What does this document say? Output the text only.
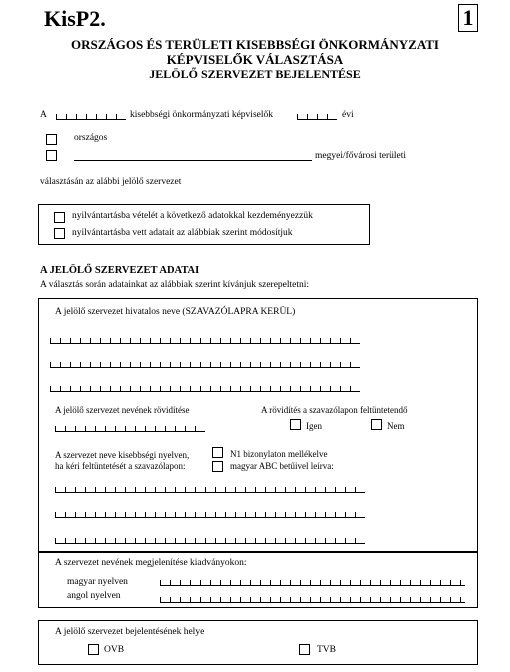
KisP2.	1
ORSZÁGOS ÉS TERÜLETI KISEBBSÉGI ÖNKORMÁNYZATI
KÉPVISELŐK VÁLASZTÁSA
JELÖLŐ SZERVEZET BEJELENTÉSE
A	kisebbségi önkormányzati képviselők	évi
országos
megyei/fővárosi területi
választásán az alábbi jelölő szervezet
nyilvántartásba vételét a következő adatokkal kezdeményezzük
nyilvántartásba vett adatait az alábbiak szerint módosítjuk
A JELÖLŐ SZERVEZET ADATAI
A választás során adatainkat az alábbiak szerint kívánjuk szerepeltetni:
A jelölő szervezet hivatalos neve (SZAVAZÓLAPRA KERÜL)
A jelölő szervezet nevének rövidítése	A rövidítés a szavazólapon feltüntetendő
Igen	Nem
A szervezet neve kisebbségi nyelven,
ha kéri feltüntetését a szavazólapon:
N1 bizonylaton mellékelve
magyar ABC betűivel leírva:
A szervezet nevének megjelenítése kiadványokon:
magyar nyelven
angol nyelven
A jelölő szervezet bejelentésének helye
OVB	TVB
